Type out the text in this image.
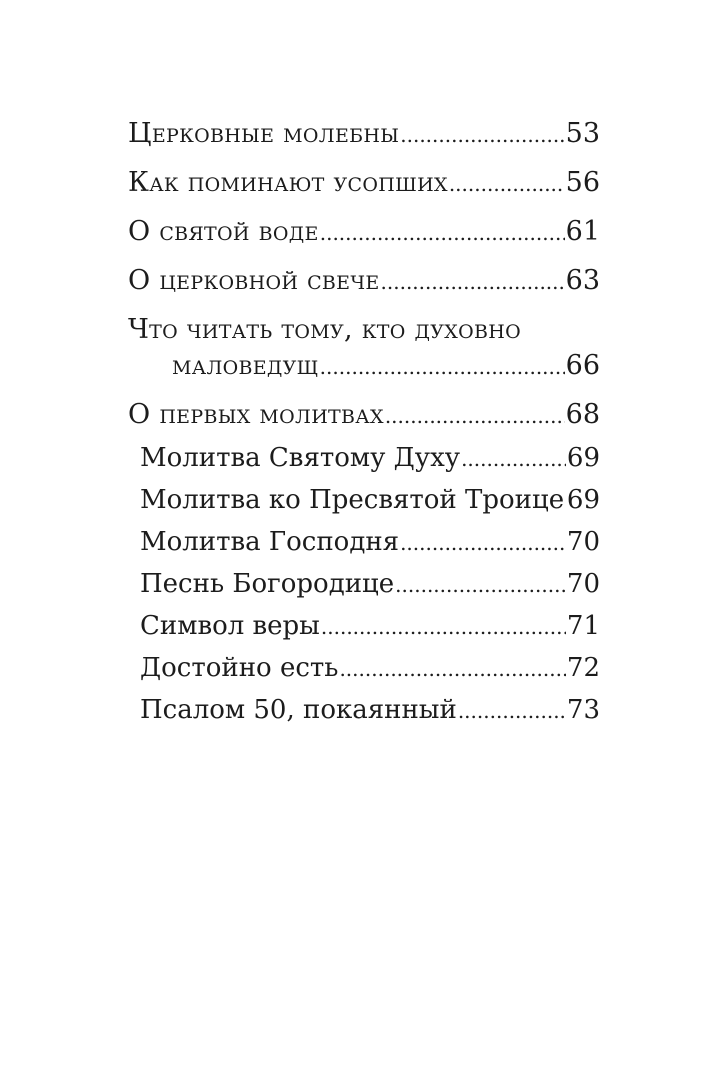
Церковные молебны .....	53
Как поминают усопших .....	56
О святой воде .....	61
О церковной свече .....	63
Что читать тому, кто духовно
маловедущ .....	66
О первых молитвах .....	68
Молитва Святому Духу .....	69
Молитва ко Пресвятой Троице ..... 69
Молитва Господня .....	70
Песнь Богородице .....	70
Символ веры .....	71
Достойно есть .....	72
Псалом 50, покаянный .....	73
